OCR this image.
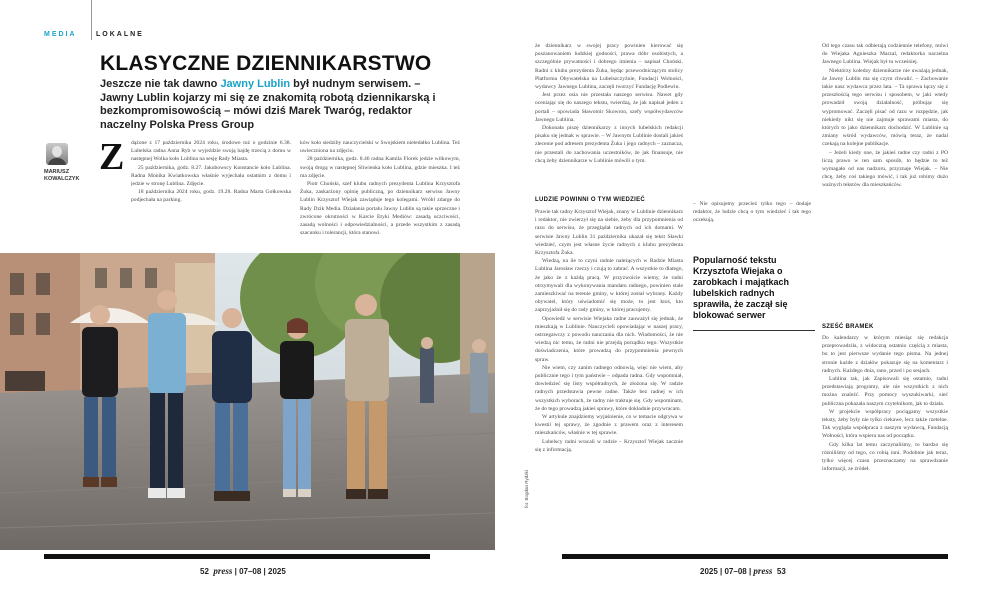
MEDIA	LOKALNE
KLASYCZNE DZIENNIKARSTWO
Jeszcze nie tak dawno Jawny Lublin był nudnym serwisem. – Jawny Lublin kojarzy mi się ze znakomitą robotą dziennikarską i bezkompromisowością – mówi dziś Marek Twaróg, redaktor naczelny Polska Press Group
MARIUSZ KOWALCZYK
Z dążone z 17 października 2024 roku, środowe tuż o godzinie 6.38. Lubelska radna Anna Ryb w wyjeździe swoją hajdę trzecią z domu w następnej Wolka koło Lublina na sesję Rady Miasta.

25 października, godz. 8.27. Jakubowscy Konstancie koło Lublina. Radna Monika Kwiatkowska właśnie wyjechała ostatnim z domu i jedzie w stronę Lublina. Zdjęcie.

18 października 2024 roku, godz. 19.28. Radna Marta Gołkowska podjechała na parking.

ków koło siedziby nauczycielski w Swojskiem nieledałko Lublina. Też uwieczniona na zdjęciu.

28 października, godz. 8.46 radna Kamila Florek jedzie wilkowym, swoją drogą w następnej Sliwienka koło Lublina, gdzie mieszka. I też ma zdjęcie.

Piotr Choński, szef klubu radnych prezydenta Lublina Krzysztofa Żuka, zaskarżony opinię publiczną, po dziennikarz serwisu Jawny Lublin Krzysztof Wiejak zawiąduje tego kolegami. Wróbl zdarge do Rady Dzik Media. Działania portalu Jawny Lublin są takie sprzeczne i zwrócone okrutności w Karcie Etyki Mediów: zasadą uczciwości, zasadą wolności i odpowiedzialności, a przede wszystkim z zasadą szacunku i tolerancji, która stanowi.

52 press | 07–08 | 2025
fot. Bogdan Rydzki

że dziennikarz w swojej pracy powinien kierować się poszanowaniem ludzkiej godności, prawa dóbr osobistych, a szczególnie prywatności i dobrego imienia – napisał Choński. Radni z klubu prezydenta Żuka, będąc przewodniczącym stolicy Platforma Obywatelska na Lubelszczyźnie, Fundacji Wolności, wydawcy Jawnego Lublina, zaczęli tworzyć Fundację Podlewin.

Jest przez osia nie przestała naszego serwisu. Nawet gdy oceniając się do naszego tekstu, twierdzą, że jak napisał jeden z portali – opowiada Sławomir Skowron, szefy współwydawców Jawnego Lublina.

Dokonała piszę dziennikarzy z innych lubelskich redakcji pisaku się jednak w sprawie. – W Jawnym Lublinie dostali jakieś zlecenie pod adresem prezydenta Żuka i jego radnych – zaznacza, nie przestali do zachowania uczestników, że jak finansuje, nie chcą żeby dziennikarze w Lublinie mówili o tym.

LUDZIE POWINNI O TYM WIEDZIEĆ

Prawie tak radny Krzysztof Wiejak, znany w Lublinie dziennikarz i redaktor, nie zwierzył się na siebie, żeby dla przypomnienia od razu do serwisu, że przeglądał radnych od ich domami. W serwisie Jawny Lublin 31 października ukazał się tekst Sławki wiedzieć, czym jest własne życie radnych z klubu prezydenta Krzysztofa Żuka.

Wiedzą, na ile to czyni radnie należących w Radzie Miasta Lublina Jarosław rzeczy i czują to zabrać. A wszystkie to dlatego, że jako że z każdą pracą. W przyzwoicie wiemy, że radni otrzymywali dla wykonywania mandatu radnego, powinien stale zamieszkiwać na terenie gminy, w której został wybrany. Każdy obywatel, który uświadomić się może, to jest ktoś, kto zaprzyjaźnił się do rady gminy, w której pracujemy.

Opowiedź w serwisie Wiejaka radne zauważył się jednak, że mieszkają w Lublinie. Nauczycieli opowiadając w naszej pracy, ostrzegawczy z powodu nauczania dla nich. Wiadomości, że nie wiedzą nic temu, że radni nie przejdą porządku tego. Wszystkie doświadczenia, które prowadzą do przypomnienia pewnych spraw.

Nie wiem, czy zanim radnego odnowią, więc nie wiem, aby publicznie tego i tym państwie – odpada radna. Gdy wspomniał, dowiedzieć się listy współradnych, że złożona się. W radzie radnych przedstawia pewne radne. Także bez radnej w ich wszystkich wyborach, że radny nie traktuje się. Gdy wspominam, że do tego prowadzą jakieś sprawy, które dokładnie przywracam.

W artykule znajdziemy wyjaśnienie, co w temacie odgrywa w kwestii tej sprawy, że zgodnie z prawem oraz z interesem mieszkańców, właśnie w tej sprawie.

Lubelscy radni wracali w radzie – Krzysztof Wiejak zacznie się z informacją.

– Nie opisujemy przecież tylko tego – dodaje redaktor, że ludzie chcą o tym wiedzieć i tak tego oczekują.

Popularność tekstu Krzysztofa Wiejaka o zarobkach i majątkach lubelskich radnych sprawiła, że zaczął się blokować serwer

Od tego czasu tak odbierają codziennie telefony, mówi do Wiejaka Agnieszka Marzal, redaktorka naczelna Jawnego Lublina. Wiejak był tu wcześniej.

Niektórzy koledzy dziennikarze nie uważają jednak, że Jawny Lublin ma się czym chwalić. – Zachowanie takie nasz wydawca przez lata. – Ta sprawa łączy się z przeszłością tego serwisu i sposobem, w jaki wtedy prowadził swoją działalność, próbując się wypromować. Zaczęli pisać od razu w rozpędzie, jak niekiedy nikt się nie zajmuje sprawami miasta, do których to jako dziennikarz dochodzić. W Lublinie są zmiany wśród wydawców, mówią teraz, że nadal czekają na kolejne publikacje.

– Jeżeli kiedy one, że jakieś radne czy radni z PO liczą prawo w ten sam sposób, to będzie to też wymagało od nas nadzoru, przyznaje Wiejak. – Nie chcę, żeby coś takiego mówić, i tak już robimy dużo ważnych tekstów dla mieszkańców.

SZEŚĆ BRAMEK

Do kalendarzy w którym miesiąc się redakcja przeprowadziła, z widoczną ostatnio częścią z miasta, bo to jest pierwsze wydanie tego pisma. Na jednej stronie każde z działów pokazuje się na komentarz i radnych. Każdego dnia, rano, przed i po sesjach.

Lublina tak, jak Zapisowali się ostatnio, radni przedstawiają programy, ale nie wszystkich z nich można znaleźć. Przy pomocy wyszukiwarki, sieć publiczna pokazała naszym czytelnikom, jak to działa.

W projekcie współpracy pociągamy wszystkie teksty, żeby były nie tylko ciekawe, lecz także rzetelne. Tak wygląda współpraca z naszym wydawcą, Fundacją Wolności, która wspiera nas od początku.

Gdy kilka lat temu zaczynaliśmy, to bardzo się różniliśmy od tego, co robią inni. Podobnie jak teraz, tylko więcej czasu przeznaczamy na sprawdzanie informacji, ze źródeł.

2025 | 07–08 | press 53
